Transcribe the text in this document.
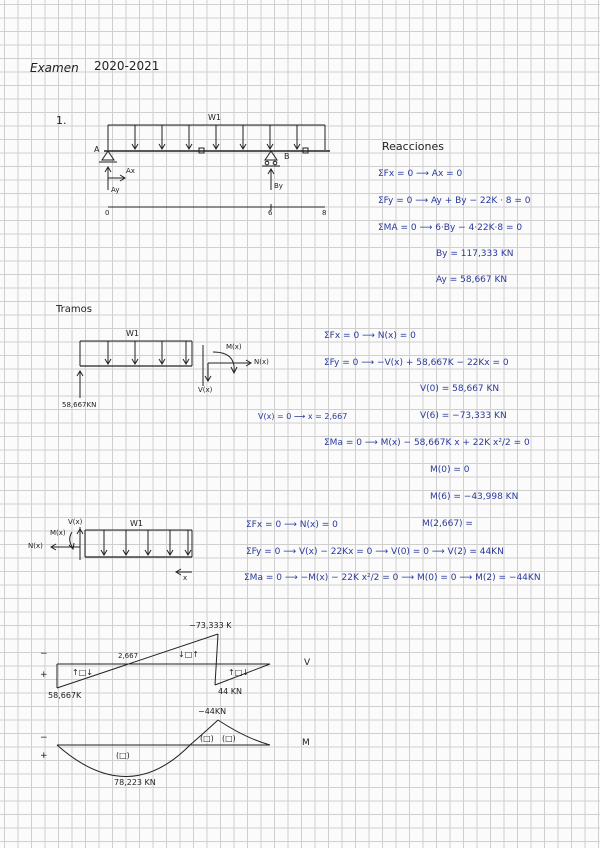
Examen 2020-2021
1.	W1
A
B
Ax
Ay	By
0	6	8
Reacciones
ΣFx = 0 ⟶ Ax = 0
ΣFy = 0 ⟶ Ay + By − 22K · 8 = 0
ΣMA = 0 ⟶ 6·By − 4·22K·8 = 0
By = 117,333 KN
Ay = 58,667 KN
Tramos
W1
M(x)
N(x)
V(x)
58,667KN
ΣFx = 0 ⟶ N(x) = 0
ΣFy = 0 ⟶ −V(x) + 58,667K − 22Kx = 0
V(0) = 58,667 KN
V(6) = −73,333 KN
V(x) = 0 ⟶ x = 2,667
ΣMa = 0 ⟶ M(x) − 58,667K x + 22K x²/2 = 0
M(0) = 0
M(6) = −43,998 KN
M(2,667) =
W1
M(x)
V(x)
N(x)
x
ΣFx = 0 ⟶ N(x) = 0
ΣFy = 0 ⟶ V(x) − 22Kx = 0 ⟶ V(0) = 0 ⟶ V(2) = 44KN
ΣMa = 0 ⟶ −M(x) − 22K x²/2 = 0 ⟶ M(0) = 0 ⟶ M(2) = −44KN
−73,333 K
2,667
58,667K	44 KN
−
+	↑□↓
↓□↑
↑□↓
V
−44KN
78,223 KN
−
+	(□)
(□) (□)	M
